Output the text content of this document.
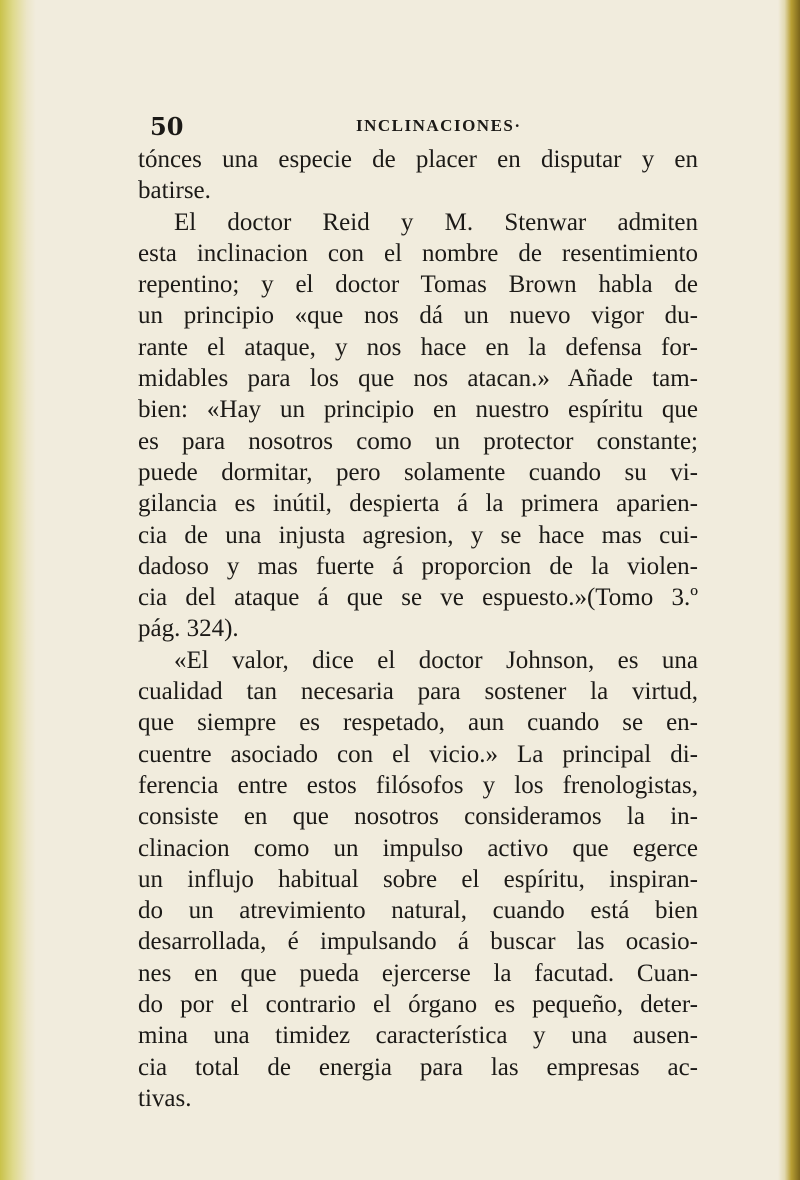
50	INCLINACIONES·

tónces una especie de placer en disputar y en
batirse.

El doctor Reid y M. Stenwar admiten
esta inclinacion con el nombre de resentimiento
repentino; y el doctor Tomas Brown habla de
un principio «que nos dá un nuevo vigor du-
rante el ataque, y nos hace en la defensa for-
midables para los que nos atacan.» Añade tam-
bien: «Hay un principio en nuestro espíritu que
es para nosotros como un protector constante;
puede dormitar, pero solamente cuando su vi-
gilancia es inútil, despierta á la primera aparien-
cia de una injusta agresion, y se hace mas cui-
dadoso y mas fuerte á proporcion de la violen-
cia del ataque á que se ve espuesto.»(Tomo 3.º
pág. 324).

«El valor, dice el doctor Johnson, es una
cualidad tan necesaria para sostener la virtud,
que siempre es respetado, aun cuando se en-
cuentre asociado con el vicio.» La principal di-
ferencia entre estos filósofos y los frenologistas,
consiste en que nosotros consideramos la in-
clinacion como un impulso activo que egerce
un influjo habitual sobre el espíritu, inspiran-
do un atrevimiento natural, cuando está bien
desarrollada, é impulsando á buscar las ocasio-
nes en que pueda ejercerse la facutad. Cuan-
do por el contrario el órgano es pequeño, deter-
mina una timidez característica y una ausen-
cia total de energia para las empresas ac-
tivas.
